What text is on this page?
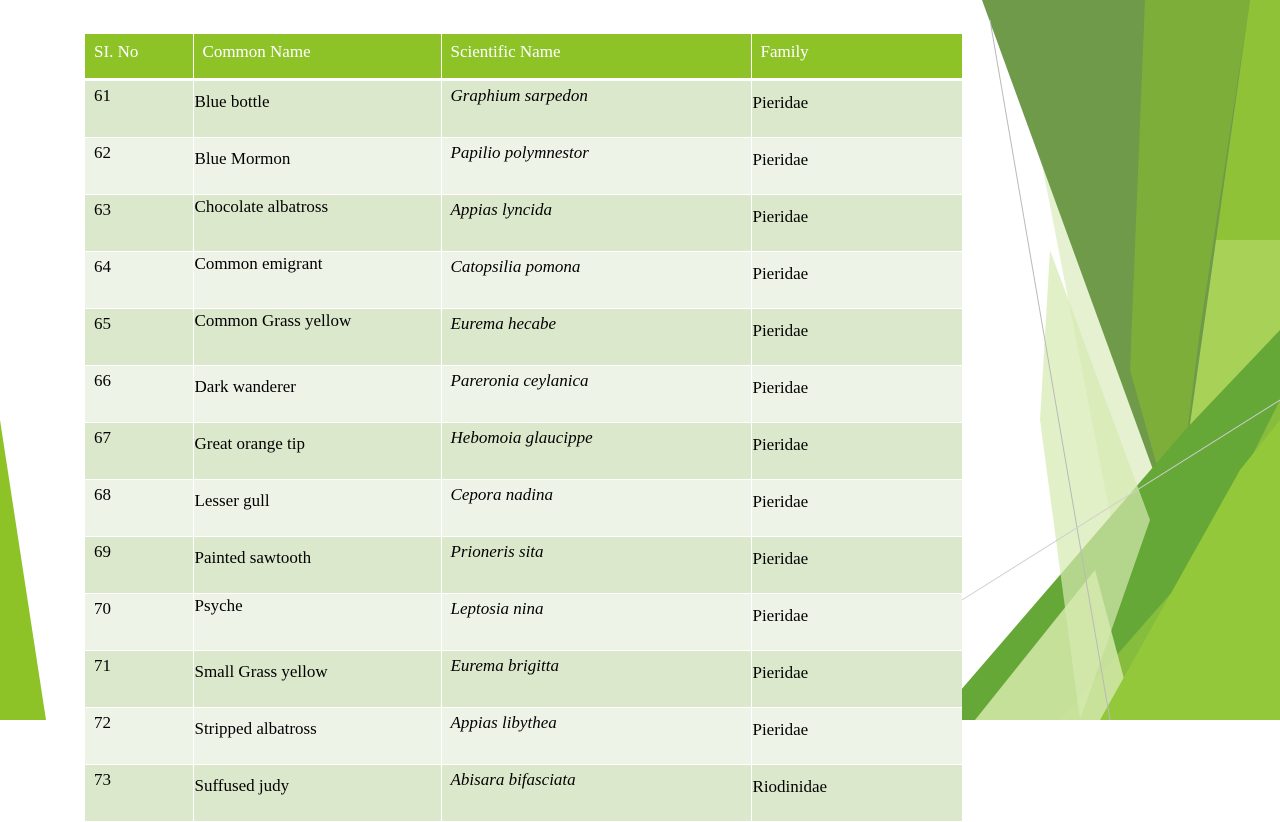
SI. No	Common Name	Scientific Name	Family
61	Blue bottle	Graphium sarpedon	Pieridae
62	Blue Mormon	Papilio polymnestor	Pieridae
63	Chocolate albatross	Appias lyncida	Pieridae
64	Common emigrant	Catopsilia pomona	Pieridae
65	Common Grass yellow	Eurema hecabe	Pieridae
66	Dark wanderer	Pareronia ceylanica	Pieridae
67	Great orange tip	Hebomoia glaucippe	Pieridae
68	Lesser gull	Cepora nadina	Pieridae
69	Painted sawtooth	Prioneris sita	Pieridae
70	Psyche	Leptosia nina	Pieridae
71	Small Grass yellow	Eurema brigitta	Pieridae
72	Stripped albatross	Appias libythea	Pieridae
73	Suffused judy	Abisara bifasciata	Riodinidae
